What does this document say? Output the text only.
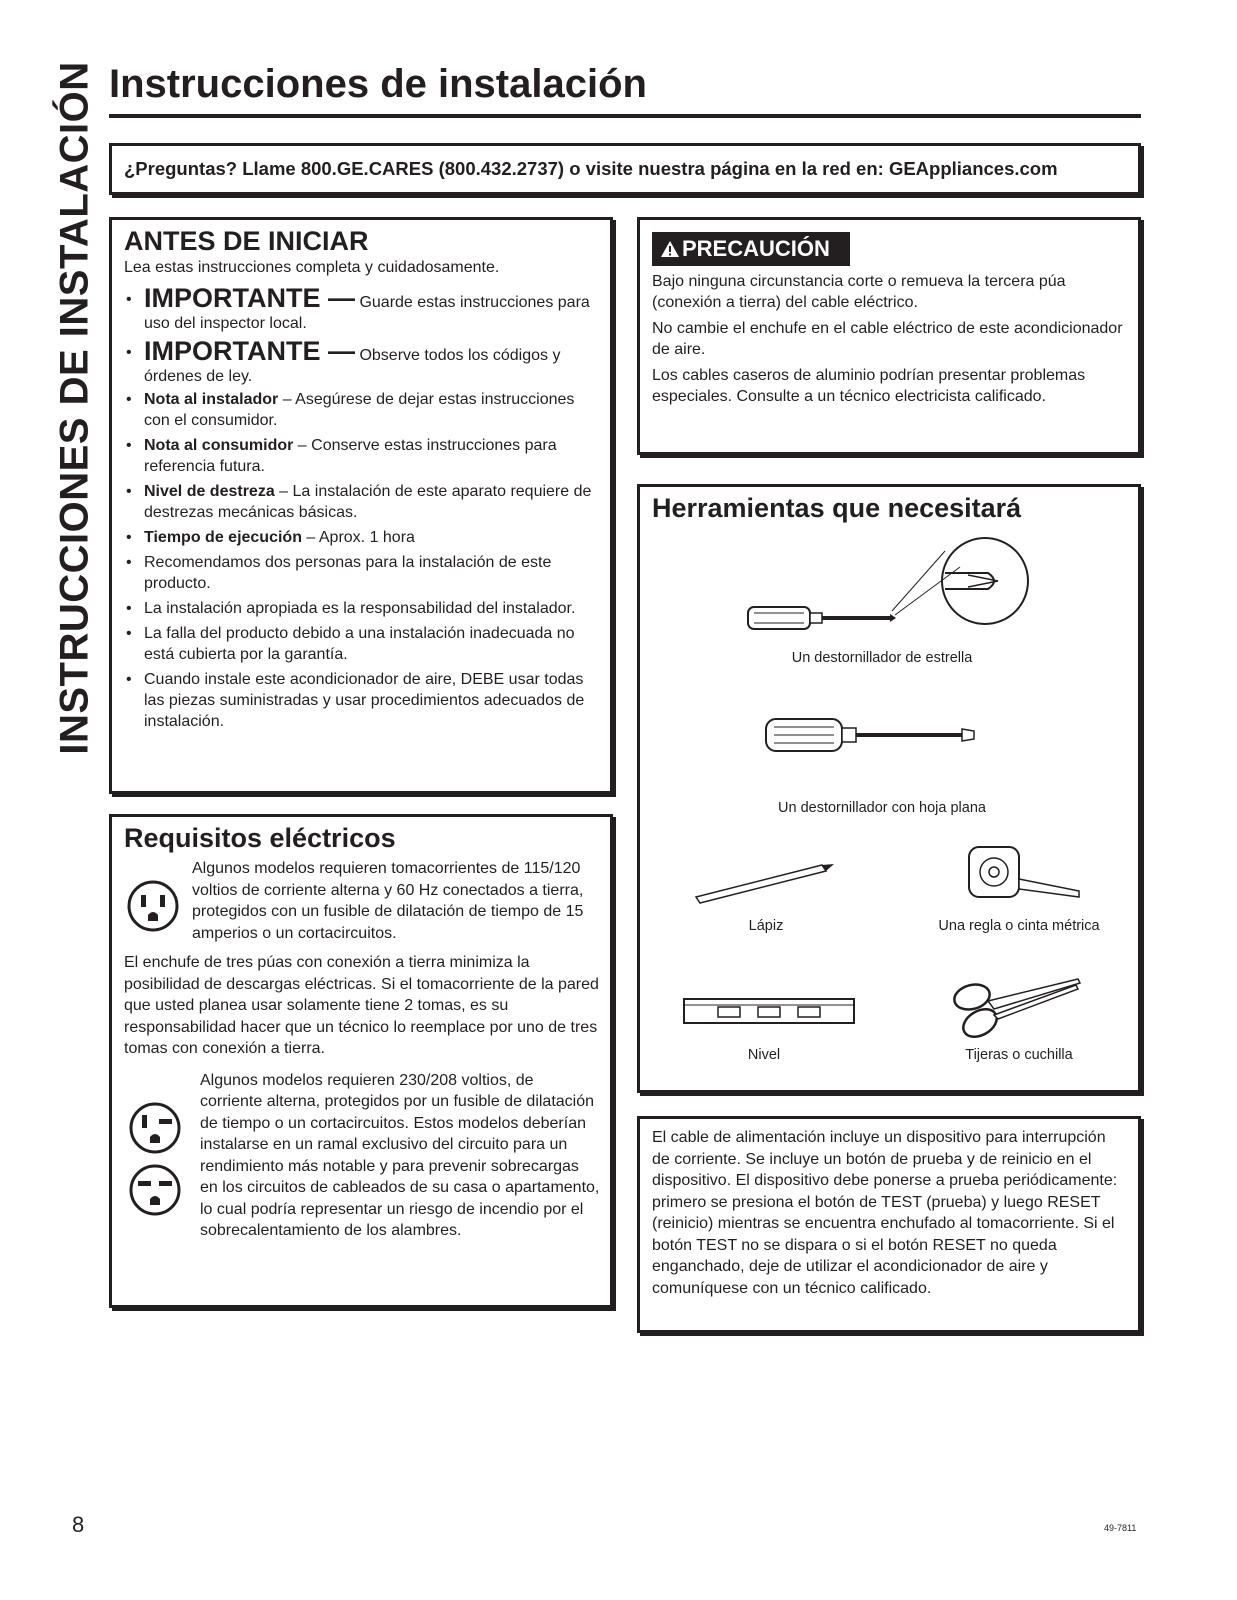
INSTRUCCIONES DE INSTALACIÓN Instrucciones de instalación
¿Preguntas? Llame 800.GE.CARES (800.432.2737) o visite nuestra página en la red en: GEAppliances.com
ANTES DE INICIAR
Lea estas instrucciones completa y cuidadosamente.
• IMPORTANTE — Guarde estas instrucciones para uso del inspector local.
• IMPORTANTE — Observe todos los códigos y órdenes de ley.
• Nota al instalador – Asegúrese de dejar estas instrucciones con el consumidor.
• Nota al consumidor – Conserve estas instrucciones para referencia futura.
• Nivel de destreza – La instalación de este aparato requiere de destrezas mecánicas básicas.
• Tiempo de ejecución – Aprox. 1 hora
• Recomendamos dos personas para la instalación de este producto.
• La instalación apropiada es la responsabilidad del instalador.
• La falla del producto debido a una instalación inadecuada no está cubierta por la garantía.
• Cuando instale este acondicionador de aire, DEBE usar todas las piezas suministradas y usar procedimientos adecuados de instalación.
PRECAUCIÓN

Bajo ninguna circunstancia corte o remueva la tercera púa (conexión a tierra) del cable eléctrico.

No cambie el enchufe en el cable eléctrico de este acondicionador de aire.

Los cables caseros de aluminio podrían presentar problemas especiales. Consulte a un técnico electricista calificado.

Herramientas que necesitará
Un destornillador de estrella
Un destornillador con hoja plana
Lápiz	Una regla o cinta métrica
Nivel	Tijeras o cuchilla
Requisitos eléctricos

Algunos modelos requieren tomacorrientes de 115/120 voltios de corriente alterna y 60 Hz conectados a tierra, protegidos con un fusible de dilatación de tiempo de 15 amperios o un cortacircuitos.

El enchufe de tres púas con conexión a tierra minimiza la posibilidad de descargas eléctricas. Si el tomacorriente de la pared que usted planea usar solamente tiene 2 tomas, es su responsabilidad hacer que un técnico lo reemplace por uno de tres tomas con conexión a tierra.

Algunos modelos requieren 230/208 voltios, de corriente alterna, protegidos por un fusible de dilatación de tiempo o un cortacircuitos. Estos modelos deberían instalarse en un ramal exclusivo del circuito para un rendimiento más notable y para prevenir sobrecargas en los circuitos de cableados de su casa o apartamento, lo cual podría representar un riesgo de incendio por el sobrecalentamiento de los alambres.

El cable de alimentación incluye un dispositivo para interrupción de corriente. Se incluye un botón de prueba y de reinicio en el dispositivo. El dispositivo debe ponerse a prueba periódicamente: primero se presiona el botón de TEST (prueba) y luego RESET (reinicio) mientras se encuentra enchufado al tomacorriente. Si el botón TEST no se dispara o si el botón RESET no queda enganchado, deje de utilizar el acondicionador de aire y comuníquese con un técnico calificado.

8	49-7811
